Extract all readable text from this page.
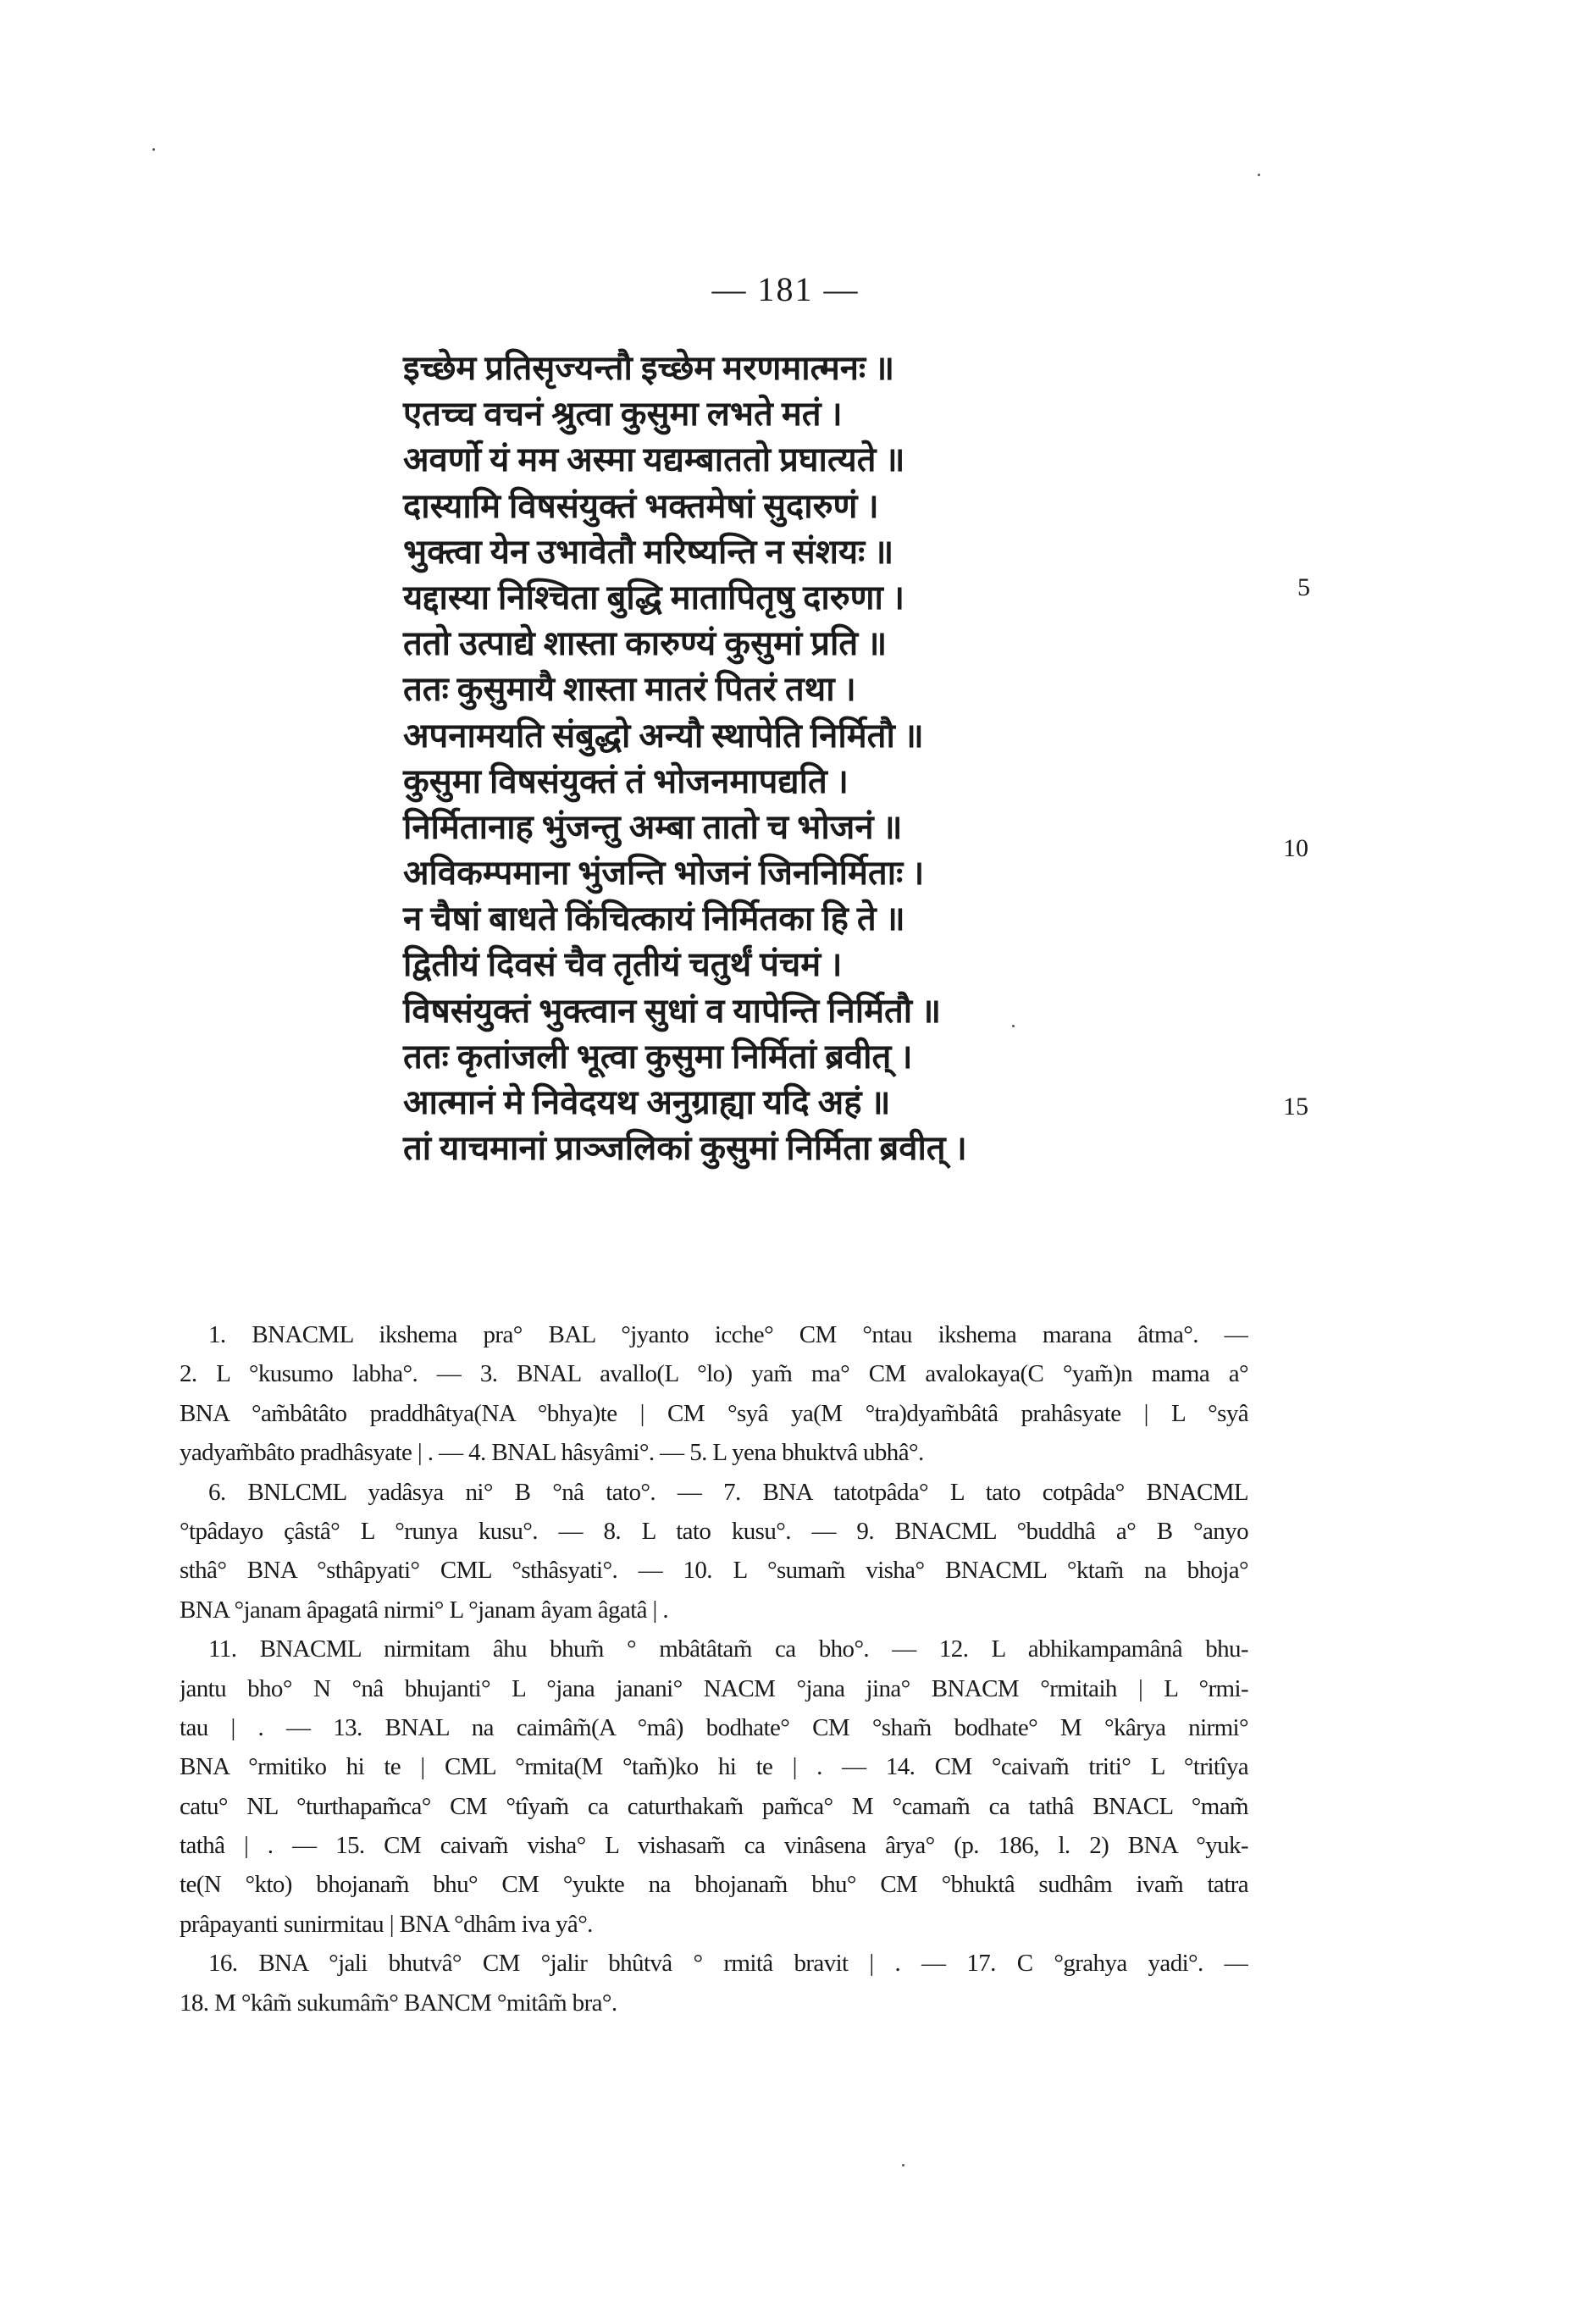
— 181 —
इच्छेम प्रतिसृज्यन्तौ इच्छेम मरणमात्मनः ॥
एतच्च वचनं श्रुत्वा कुसुमा लभते मतं ।
अवर्णो यं मम अस्मा यद्यम्बाततो प्रघात्यते ॥
दास्यामि विषसंयुक्तं भक्तमेषां सुदारुणं ।
भुक्त्वा येन उभावेतौ मरिष्यन्ति न संशयः ॥
यद्दास्या निश्चिता बुद्धि मातापितृषु दारुणा ।
ततो उत्पाद्ये शास्ता कारुण्यं कुसुमां प्रति ॥
ततः कुसुमायै शास्ता मातरं पितरं तथा ।
अपनामयति संबुद्धो अन्यौ स्थापेति निर्मितौ ॥
कुसुमा विषसंयुक्तं तं भोजनमापद्यति ।
निर्मितानाह भुंजन्तु अम्बा तातो च भोजनं ॥
अविकम्पमाना भुंजन्ति भोजनं जिननिर्मिताः ।
न चैषां बाधते किंचित्कायं निर्मितका हि ते ॥
द्वितीयं दिवसं चैव तृतीयं चतुर्थं पंचमं ।
विषसंयुक्तं भुक्त्वान सुधां व यापेन्ति निर्मितौ ॥
ततः कृतांजली भूत्वा कुसुमा निर्मितां ब्रवीत् ।
आत्मानं मे निवेदयथ अनुग्राह्या यदि अहं ॥
तां याचमानां प्राञ्जलिकां कुसुमां निर्मिता ब्रवीत् ।
5
10
15
1. BNACML ikshema pra° BAL °jyanto icche° CM °ntau ikshema marana âtma°. —
2. L °kusumo labha°. — 3. BNAL avallo(L °lo) yam̃ ma° CM avalokaya(C °yam̃)n mama a°
BNA °am̃bâtâto praddhâtya(NA °bhya)te | CM °syâ ya(M °tra)dyam̃bâtâ prahâsyate | L °syâ
yadyam̃bâto pradhâsyate | . — 4. BNAL hâsyâmi°. — 5. L yena bhuktvâ ubhâ°.
6. BNLCML yadâsya ni° B °nâ tato°. — 7. BNA tatotpâda° L tato cotpâda° BNACML
°tpâdayo çâstâ° L °runya kusu°. — 8. L tato kusu°. — 9. BNACML °buddhâ a° B °anyo
sthâ° BNA °sthâpyati° CML °sthâsyati°. — 10. L °sumam̃ visha° BNACML °ktam̃ na bhoja°
BNA °janam âpagatâ nirmi° L °janam âyam âgatâ | .
11. BNACML nirmitam âhu bhum̃ ° mbâtâtam̃ ca bho°. — 12. L abhikampamânâ bhu-
jantu bho° N °nâ bhujanti° L °jana janani° NACM °jana jina° BNACM °rmitaih | L °rmi-
tau | . — 13. BNAL na caimâm̃(A °mâ) bodhate° CM °sham̃ bodhate° M °kârya nirmi°
BNA °rmitiko hi te | CML °rmita(M °tam̃)ko hi te | . — 14. CM °caivam̃ triti° L °tritîya
catu° NL °turthapam̃ca° CM °tîyam̃ ca caturthakam̃ pam̃ca° M °camam̃ ca tathâ BNACL °mam̃
tathâ | . — 15. CM caivam̃ visha° L vishasam̃ ca vinâsena ârya° (p. 186, l. 2) BNA °yuk-
te(N °kto) bhojanam̃ bhu° CM °yukte na bhojanam̃ bhu° CM °bhuktâ sudhâm ivam̃ tatra
prâpayanti sunirmitau | BNA °dhâm iva yâ°.
16. BNA °jali bhutvâ° CM °jalir bhûtvâ ° rmitâ bravit | . — 17. C °grahya yadi°. —
18. M °kâm̃ sukumâm̃° BANCM °mitâm̃ bra°.
